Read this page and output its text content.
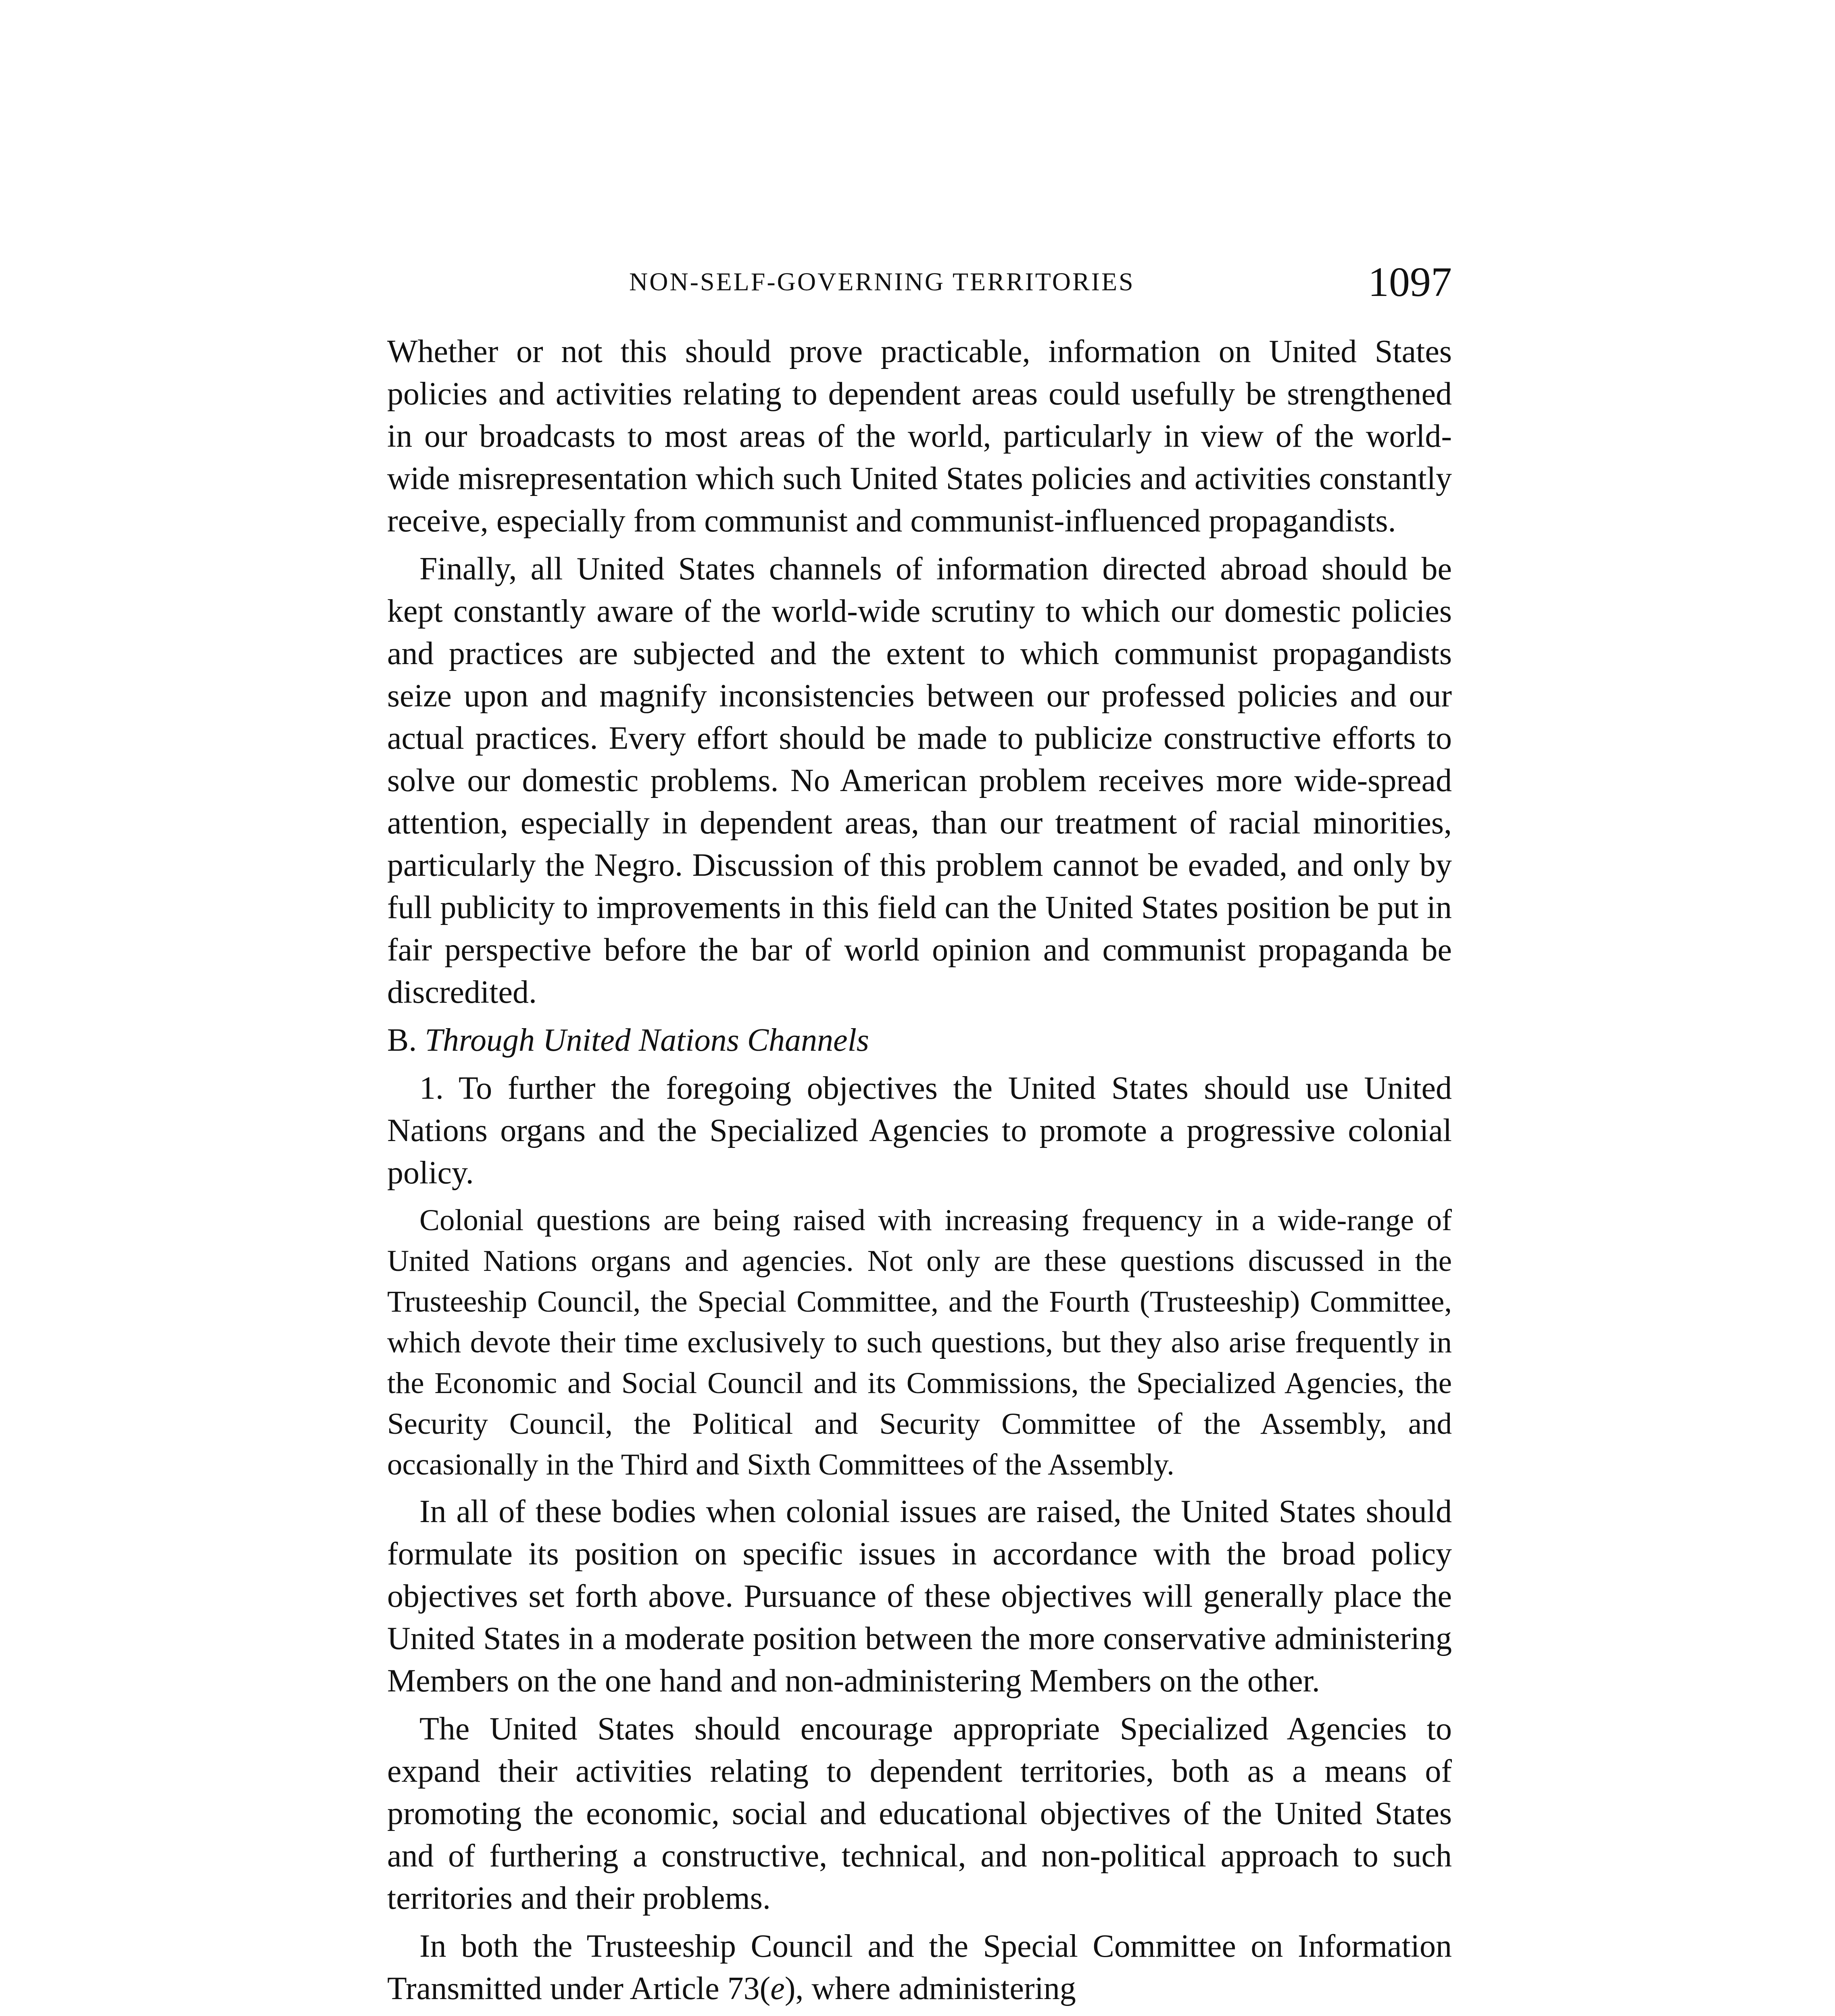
NON-SELF-GOVERNING TERRITORIES	1097

Whether or not this should prove practicable, information on United States policies and activities relating to dependent areas could usefully be strengthened in our broadcasts to most areas of the world, particularly in view of the world-wide misrepresentation which such United States policies and activities constantly receive, especially from communist and communist-influenced propagandists.

Finally, all United States channels of information directed abroad should be kept constantly aware of the world-wide scrutiny to which our domestic policies and practices are subjected and the extent to which communist propagandists seize upon and magnify inconsistencies between our professed policies and our actual practices. Every effort should be made to publicize constructive efforts to solve our domestic problems. No American problem receives more wide-spread attention, especially in dependent areas, than our treatment of racial minorities, particularly the Negro. Discussion of this problem cannot be evaded, and only by full publicity to improvements in this field can the United States position be put in fair perspective before the bar of world opinion and communist propaganda be discredited.

B. Through United Nations Channels

1. To further the foregoing objectives the United States should use United Nations organs and the Specialized Agencies to promote a progressive colonial policy.

Colonial questions are being raised with increasing frequency in a wide-range of United Nations organs and agencies. Not only are these questions discussed in the Trusteeship Council, the Special Committee, and the Fourth (Trusteeship) Committee, which devote their time exclusively to such questions, but they also arise frequently in the Economic and Social Council and its Commissions, the Specialized Agencies, the Security Council, the Political and Security Committee of the Assembly, and occasionally in the Third and Sixth Committees of the Assembly.

In all of these bodies when colonial issues are raised, the United States should formulate its position on specific issues in accordance with the broad policy objectives set forth above. Pursuance of these objectives will generally place the United States in a moderate position between the more conservative administering Members on the one hand and non-administering Members on the other.

The United States should encourage appropriate Specialized Agencies to expand their activities relating to dependent territories, both as a means of promoting the economic, social and educational objectives of the United States and of furthering a constructive, technical, and non-political approach to such territories and their problems.

In both the Trusteeship Council and the Special Committee on Information Transmitted under Article 73(e), where administering
